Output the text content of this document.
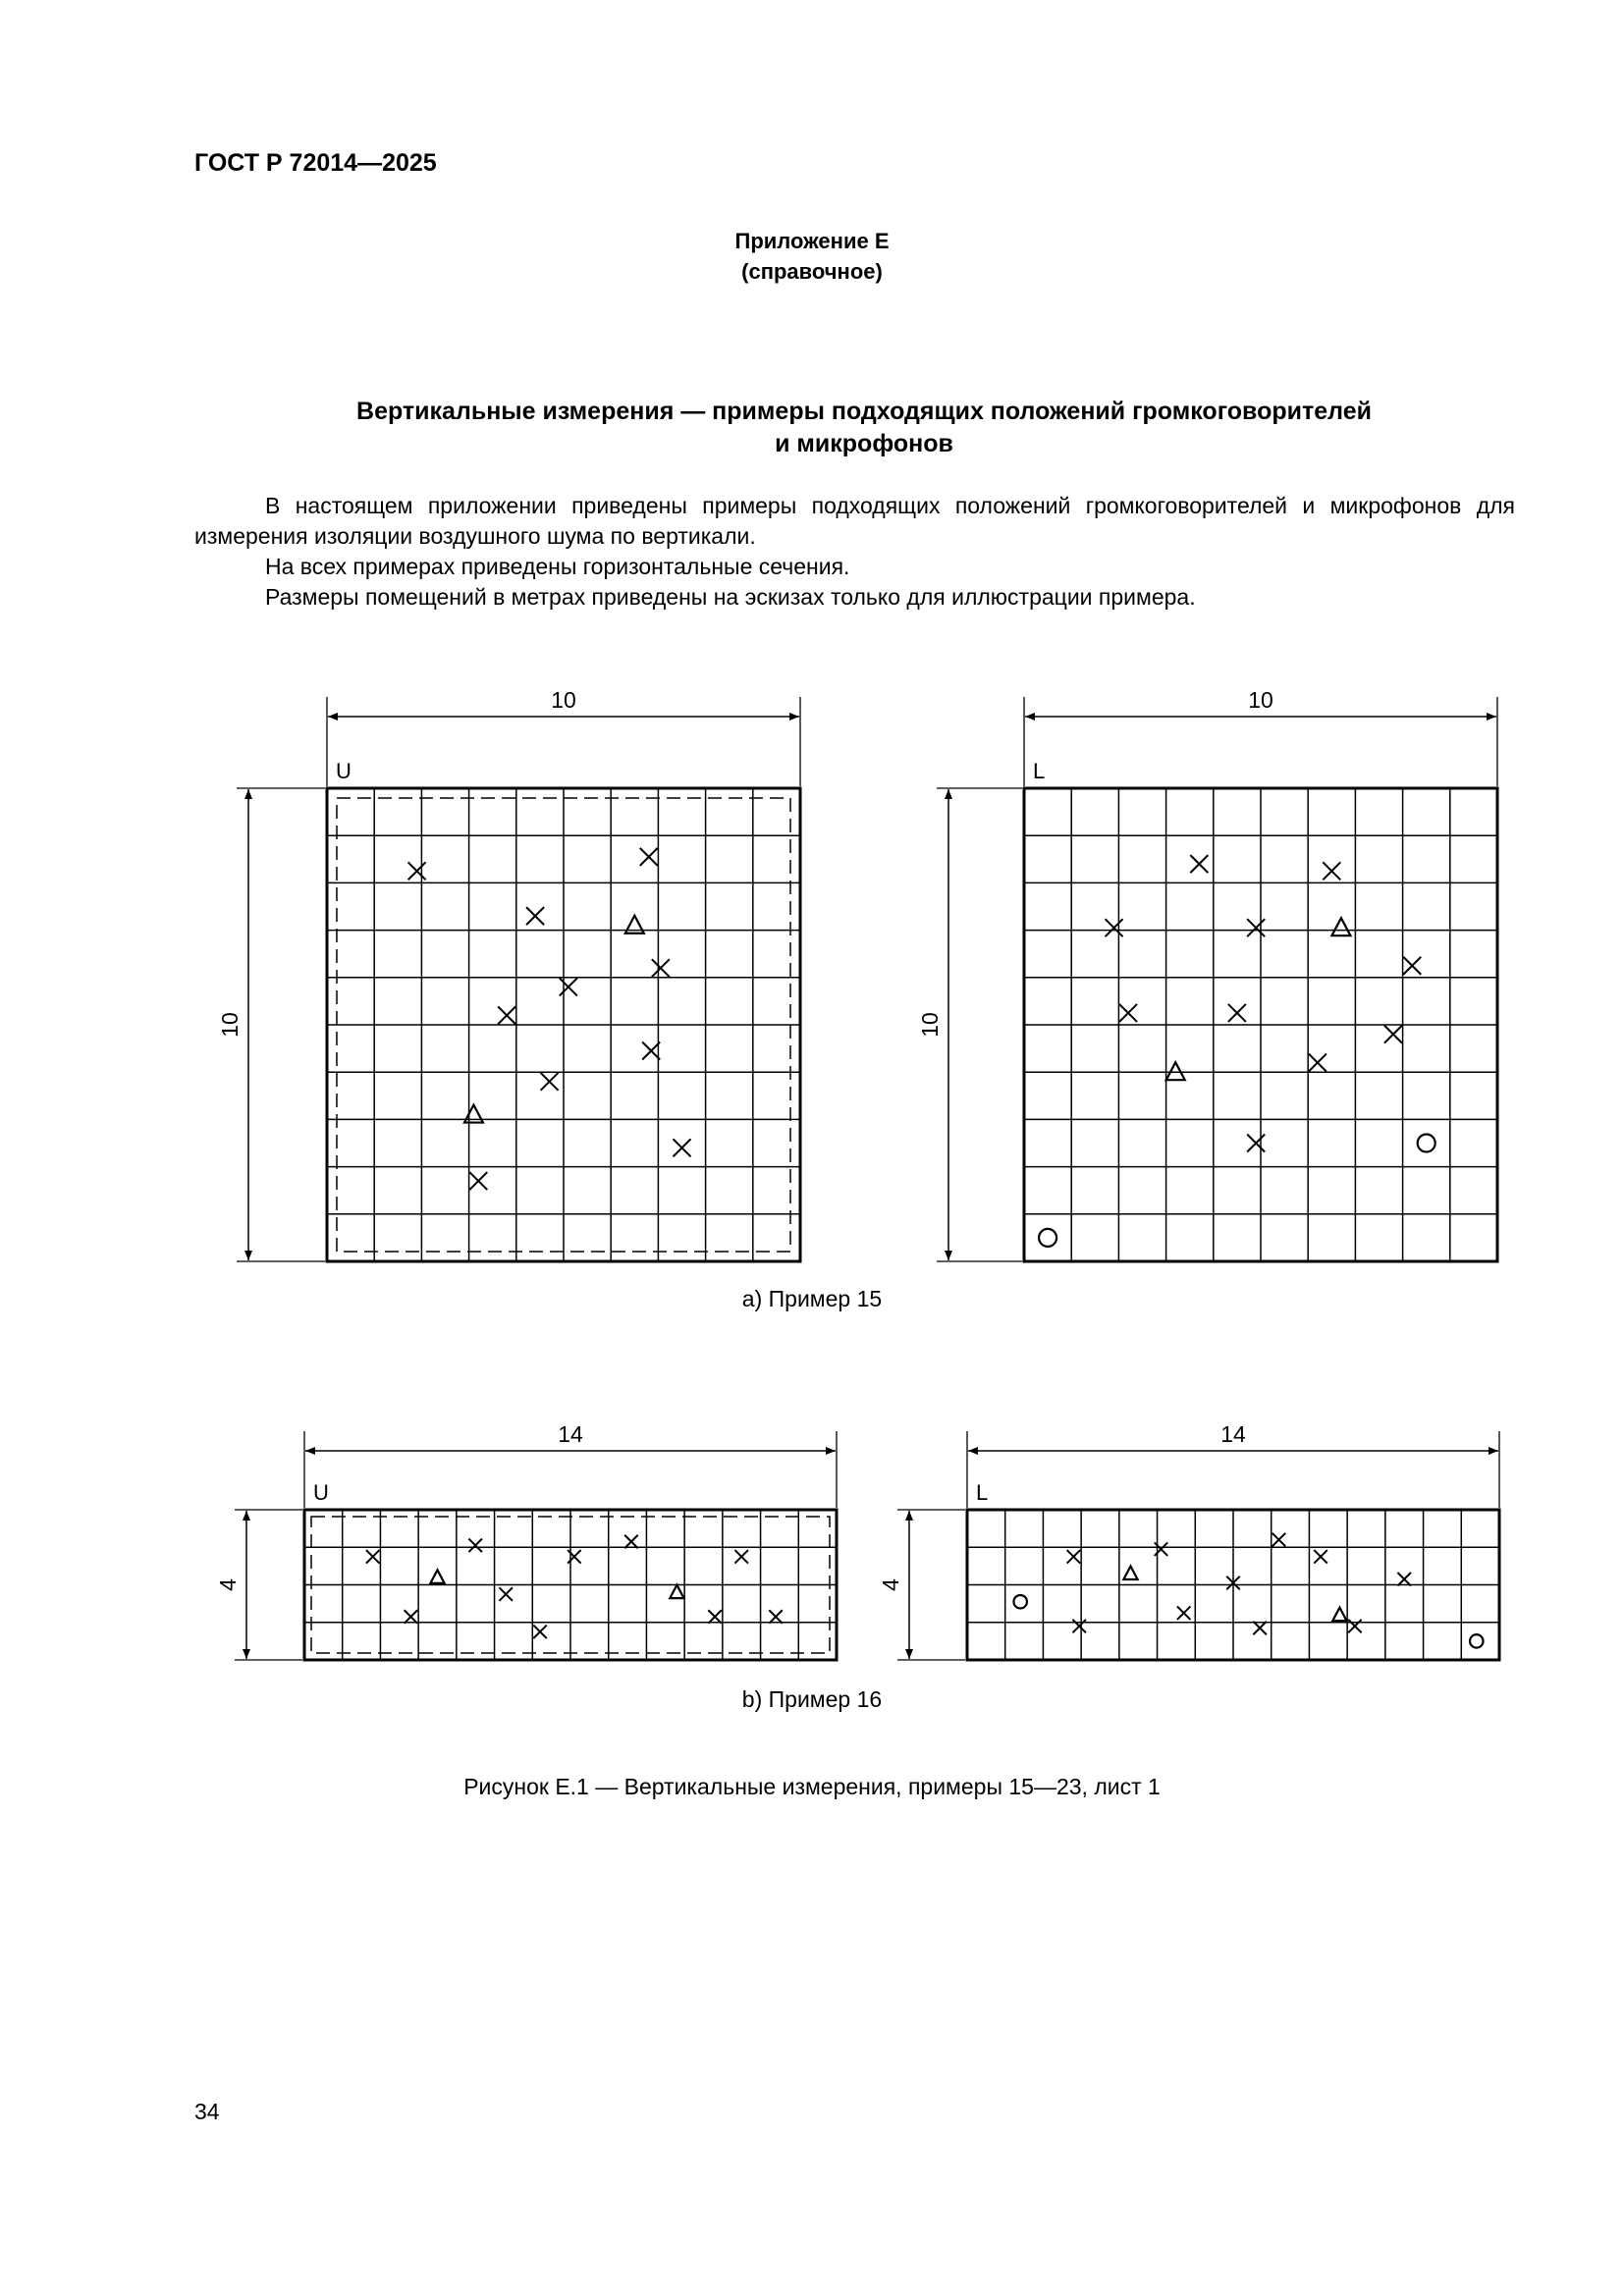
ГОСТ Р 72014—2025
Приложение Е
(справочное)
Вертикальные измерения — примеры подходящих положений громкоговорителей
и микрофонов

В настоящем приложении приведены примеры подходящих положений громкоговорителей и микрофонов для измерения изоляции воздушного шума по вертикали.

На всех примерах приведены горизонтальные сечения.

Размеры помещений в метрах приведены на эскизах только для иллюстрации примера.

U
10
10
L
10
10
U
14
4
L
14
4
a) Пример 15
b) Пример 16
Рисунок Е.1 — Вертикальные измерения, примеры 15—23, лист 1
34
